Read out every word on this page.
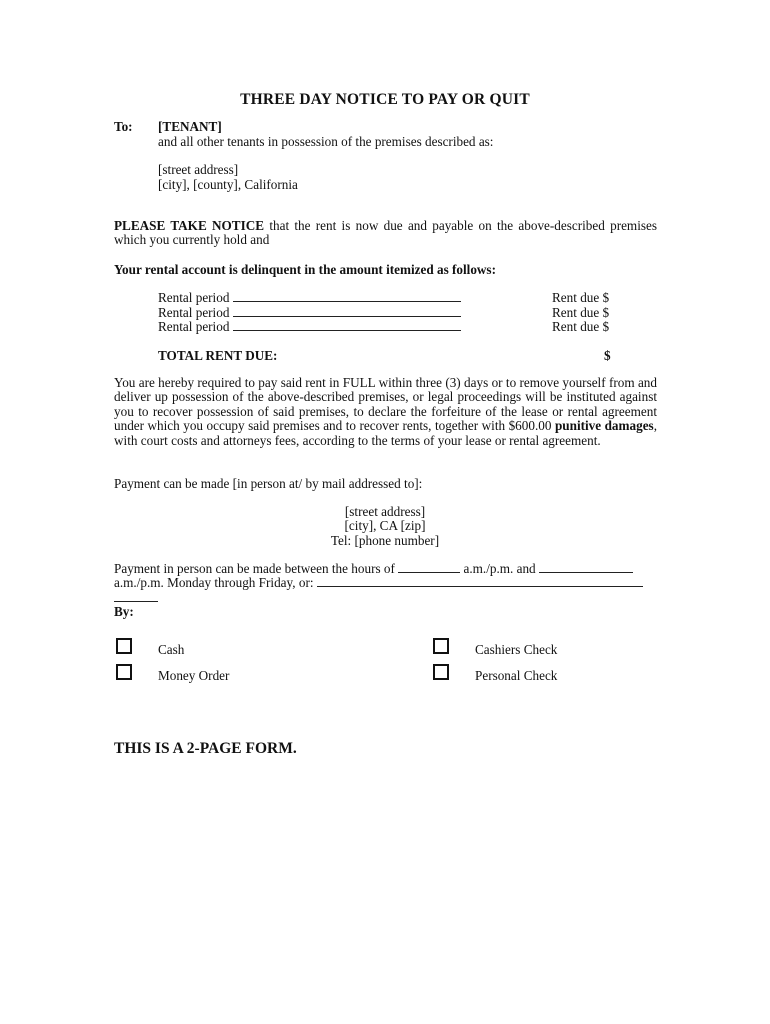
THREE DAY NOTICE TO PAY OR QUIT
To: [TENANT]
and all other tenants in possession of the premises described as:
[street address]
[city], [county], California
PLEASE TAKE NOTICE that the rent is now due and payable on the above-described premises which you currently hold and
Your rental account is delinquent in the amount itemized as follows:
Rental period	Rent due $
Rental period	Rent due $
Rental period	Rent due $
TOTAL RENT DUE:	$
You are hereby required to pay said rent in FULL within three (3) days or to remove yourself from and deliver up possession of the above-described premises, or legal proceedings will be instituted against you to recover possession of said premises, to declare the forfeiture of the lease or rental agreement under which you occupy said premises and to recover rents, together with $600.00 punitive damages, with court costs and attorneys fees, according to the terms of your lease or rental agreement.
Payment can be made [in person at/ by mail addressed to]:
[street address]
[city], CA [zip]
Tel: [phone number]
Payment in person can be made between the hours of	a.m./p.m. and
a.m./p.m. Monday through Friday, or:
By:
Cash	Cashiers Check
Money Order	Personal Check
THIS IS A 2-PAGE FORM.
